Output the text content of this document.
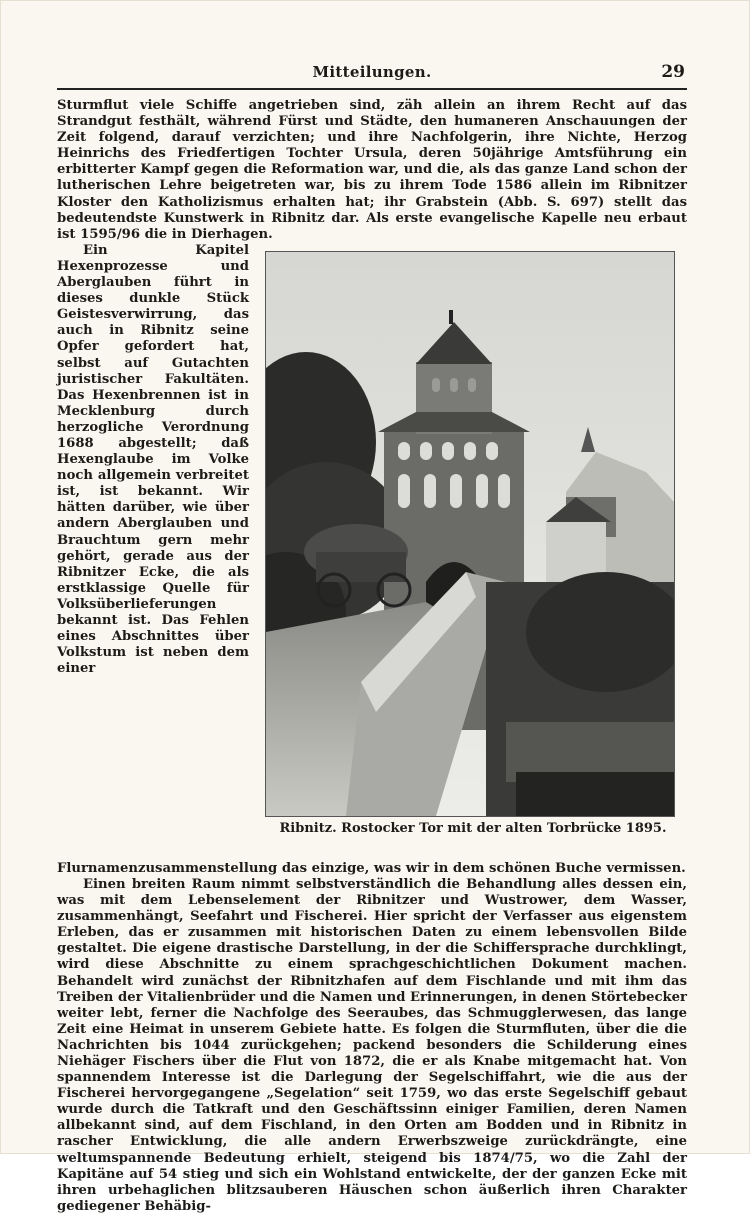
Mitteilungen.	29

Sturmflut viele Schiffe angetrieben sind, zäh allein an ihrem Recht auf das Strandgut festhält, während Fürst und Städte, den humaneren Anschauungen der Zeit folgend, darauf verzichten; und ihre Nachfolgerin, ihre Nichte, Herzog Heinrichs des Friedfertigen Tochter Ursula, deren 50jährige Amtsführung ein erbitterter Kampf gegen die Reformation war, und die, als das ganze Land schon der lutherischen Lehre beigetreten war, bis zu ihrem Tode 1586 allein im Ribnitzer Kloster den Katholizismus erhalten hat; ihr Grabstein (Abb. S. 697) stellt das bedeutendste Kunstwerk in Ribnitz dar. Als erste evangelische Kapelle neu erbaut ist 1595/96 die in Dierhagen.

Ribnitz. Rostocker Tor mit der alten Torbrücke 1895.

Ein Kapitel Hexenprozesse und Aberglauben führt in dieses dunkle Stück Geistesverwirrung, das auch in Ribnitz seine Opfer gefordert hat, selbst auf Gutachten juristischer Fakultäten. Das Hexenbrennen ist in Mecklenburg durch herzogliche Verordnung 1688 abgestellt; daß Hexenglaube im Volke noch allgemein verbreitet ist, ist bekannt. Wir hätten darüber, wie über andern Aberglauben und Brauchtum gern mehr gehört, gerade aus der Ribnitzer Ecke, die als erstklassige Quelle für Volksüberlieferungen bekannt ist. Das Fehlen eines Abschnittes über Volkstum ist neben dem einer Flurnamenzusammenstellung das einzige, was wir in dem schönen Buche vermissen.

Einen breiten Raum nimmt selbstverständlich die Behandlung alles dessen ein, was mit dem Lebenselement der Ribnitzer und Wustrower, dem Wasser, zusammenhängt, Seefahrt und Fischerei. Hier spricht der Verfasser aus eigenstem Erleben, das er zusammen mit historischen Daten zu einem lebensvollen Bilde gestaltet. Die eigene drastische Darstellung, in der die Schiffersprache durchklingt, wird diese Abschnitte zu einem sprachgeschichtlichen Dokument machen. Behandelt wird zunächst der Ribnitzhafen auf dem Fischlande und mit ihm das Treiben der Vitalienbrüder und die Namen und Erinnerungen, in denen Störtebecker weiter lebt, ferner die Nachfolge des Seeraubes, das Schmugglerwesen, das lange Zeit eine Heimat in unserem Gebiete hatte. Es folgen die Sturmfluten, über die die Nachrichten bis 1044 zurückgehen; packend besonders die Schilderung eines Niehäger Fischers über die Flut von 1872, die er als Knabe mitgemacht hat. Von spannendem Interesse ist die Darlegung der Segelschiffahrt, wie die aus der Fischerei hervorgegangene „Segelation“ seit 1759, wo das erste Segelschiff gebaut wurde durch die Tatkraft und den Geschäftssinn einiger Familien, deren Namen allbekannt sind, auf dem Fischland, in den Orten am Bodden und in Ribnitz in rascher Entwicklung, die alle andern Erwerbszweige zurückdrängte, eine weltumspannende Bedeutung erhielt, steigend bis 1874/75, wo die Zahl der Kapitäne auf 54 stieg und sich ein Wohlstand entwickelte, der der ganzen Ecke mit ihren urbehaglichen blitzsauberen Häuschen schon äußerlich ihren Charakter gediegener Behäbig-
